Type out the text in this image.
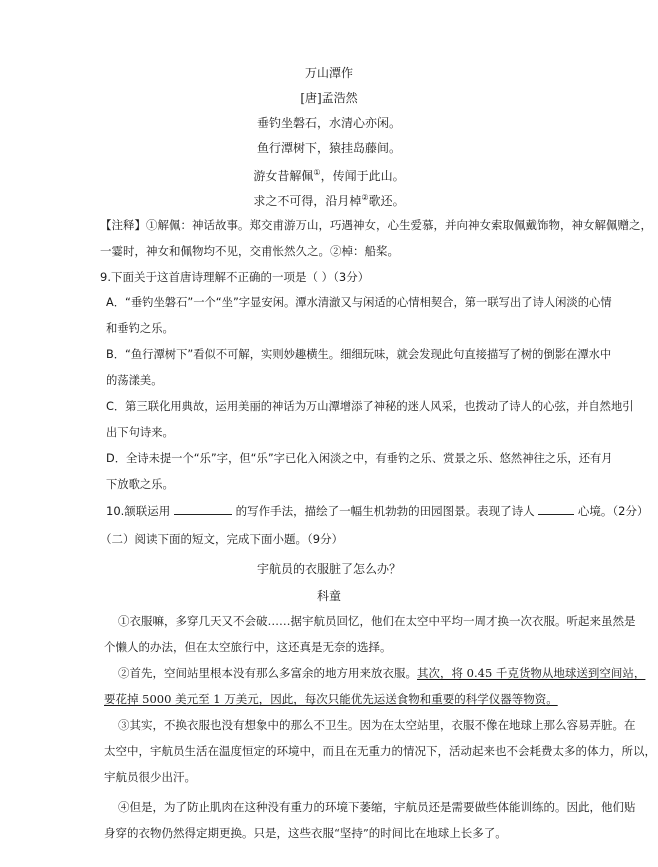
万山潭作
[唐]孟浩然
垂钓坐磐石，水清心亦闲。
鱼行潭树下，猿挂岛藤间。
游女昔解佩①，传闻于此山。
求之不可得，沿月棹②歌还。
【注释】①解佩：神话故事。郑交甫游万山，巧遇神女，心生爱慕，并向神女索取佩戴饰物，神女解佩赠之，
一霎时，神女和佩物均不见，交甫怅然久之。②棹：船桨。
9.下面关于这首唐诗理解不正确的一项是（ ）（3分）
A．“垂钓坐磐石”一个“坐”字显安闲。潭水清澈又与闲适的心情相契合，第一联写出了诗人闲淡的心情
和垂钓之乐。
B．“鱼行潭树下”看似不可解，实则妙趣横生。细细玩味，就会发现此句直接描写了树的倒影在潭水中
的荡漾美。
C．第三联化用典故，运用美丽的神话为万山潭增添了神秘的迷人风采，也拨动了诗人的心弦，并自然地引
出下句诗来。
D．全诗未提一个“乐”字，但“乐”字已化入闲淡之中，有垂钓之乐、赏景之乐、悠然神往之乐，还有月
下放歌之乐。
10.颔联运用	的写作手法，描绘了一幅生机勃勃的田园图景。表现了诗人	心境。（2分）
（二）阅读下面的短文，完成下面小题。（9分）
宇航员的衣服脏了怎么办？
科童
①衣服嘛，多穿几天又不会破……据宇航员回忆，他们在太空中平均一周才换一次衣服。听起来虽然是
个懒人的办法，但在太空旅行中，这还真是无奈的选择。
②首先，空间站里根本没有那么多富余的地方用来放衣服。其次，将 0.45 千克货物从地球送到空间站，
要花掉 5000 美元至 1 万美元，因此，每次只能优先运送食物和重要的科学仪器等物资。
③其实，不换衣服也没有想象中的那么不卫生。因为在太空站里，衣服不像在地球上那么容易弄脏。在
太空中，宇航员生活在温度恒定的环境中，而且在无重力的情况下，活动起来也不会耗费太多的体力，所以，
宇航员很少出汗。
④但是，为了防止肌肉在这种没有重力的环境下萎缩，宇航员还是需要做些体能训练的。因此，他们贴
身穿的衣物仍然得定期更换。只是，这些衣服“坚持”的时间比在地球上长多了。
